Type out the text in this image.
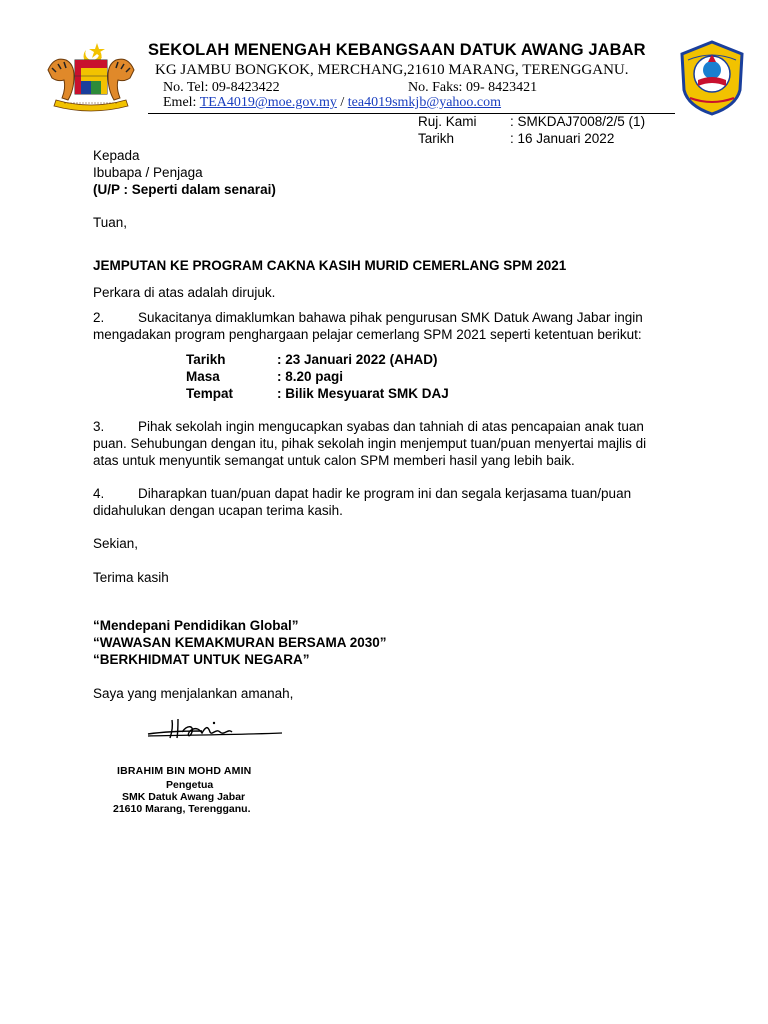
SEKOLAH MENENGAH KEBANGSAAN DATUK AWANG JABAR
KG JAMBU BONGKOK, MERCHANG,21610 MARANG, TERENGGANU.
No. Tel: 09-8423422	No. Faks: 09- 8423421
Emel: TEA4019@moe.gov.my / tea4019smkjb@yahoo.com
Ruj. Kami : SMKDAJ7008/2/5 (1)
Tarikh	: 16 Januari 2022
Kepada
Ibubapa / Penjaga
(U/P : Seperti dalam senarai)
Tuan,
JEMPUTAN KE PROGRAM CAKNA KASIH MURID CEMERLANG SPM 2021
Perkara di atas adalah dirujuk.
2. Sukacitanya dimaklumkan bahawa pihak pengurusan SMK Datuk Awang Jabar ingin
mengadakan program penghargaan pelajar cemerlang SPM 2021 seperti ketentuan berikut:
Tarikh	: 23 Januari 2022 (AHAD)
Masa	: 8.20 pagi
Tempat	: Bilik Mesyuarat SMK DAJ
3. Pihak sekolah ingin mengucapkan syabas dan tahniah di atas pencapaian anak tuan
puan. Sehubungan dengan itu, pihak sekolah ingin menjemput tuan/puan menyertai majlis di
atas untuk menyuntik semangat untuk calon SPM memberi hasil yang lebih baik.
4. Diharapkan tuan/puan dapat hadir ke program ini dan segala kerjasama tuan/puan
didahulukan dengan ucapan terima kasih.
Sekian,
Terima kasih
“Mendepani Pendidikan Global”
“WAWASAN KEMAKMURAN BERSAMA 2030”
“BERKHIDMAT UNTUK NEGARA”
Saya yang menjalankan amanah,
IBRAHIM BIN MOHD AMIN
Pengetua
SMK Datuk Awang Jabar
21610 Marang, Terengganu.
